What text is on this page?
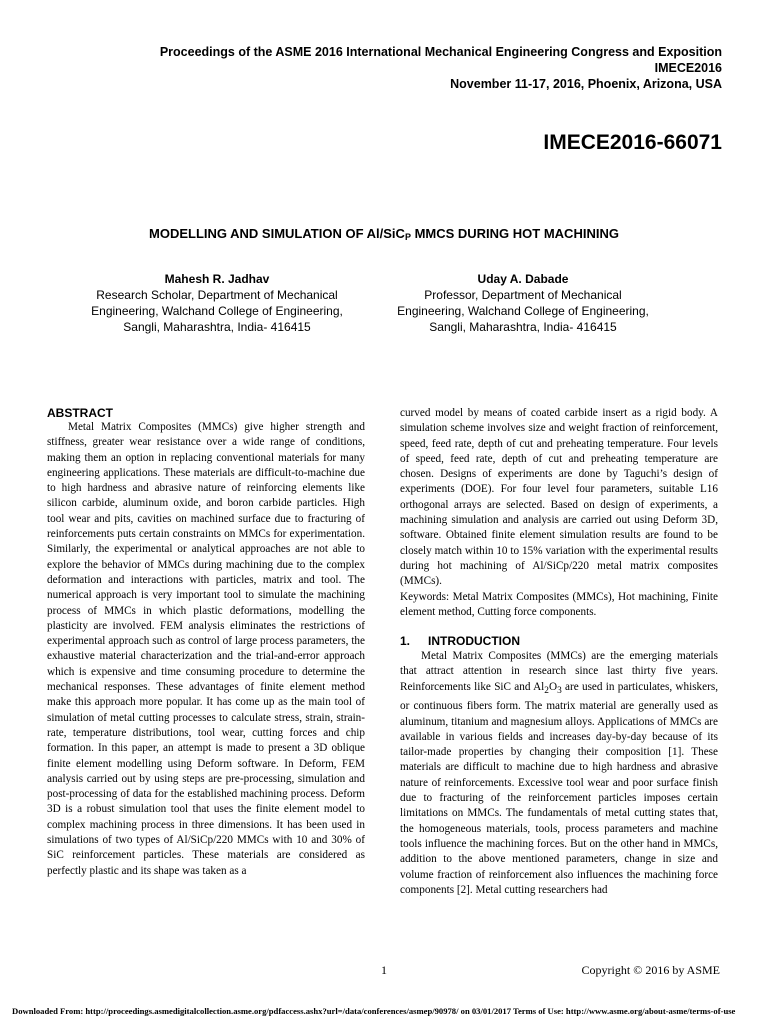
Proceedings of the ASME 2016 International Mechanical Engineering Congress and Exposition
IMECE2016
November 11-17, 2016, Phoenix, Arizona, USA
IMECE2016-66071
MODELLING AND SIMULATION OF Al/SiC$_P$ MMCS DURING HOT MACHINING
Mahesh R. Jadhav
Research Scholar, Department of Mechanical
Engineering, Walchand College of Engineering,
Sangli, Maharashtra, India- 416415
Uday A. Dabade
Professor, Department of Mechanical
Engineering, Walchand College of Engineering,
Sangli, Maharashtra, India- 416415
ABSTRACT

Metal Matrix Composites (MMCs) give higher strength and stiffness, greater wear resistance over a wide range of conditions, making them an option in replacing conventional materials for many engineering applications. These materials are difficult-to-machine due to high hardness and abrasive nature of reinforcing elements like silicon carbide, aluminum oxide, and boron carbide particles. High tool wear and pits, cavities on machined surface due to fracturing of reinforcements puts certain constraints on MMCs for experimentation. Similarly, the experimental or analytical approaches are not able to explore the behavior of MMCs during machining due to the complex deformation and interactions with particles, matrix and tool. The numerical approach is very important tool to simulate the machining process of MMCs in which plastic deformations, modelling the plasticity are involved. FEM analysis eliminates the restrictions of experimental approach such as control of large process parameters, the exhaustive material characterization and the trial-and-error approach which is expensive and time consuming procedure to determine the mechanical responses. These advantages of finite element method make this approach more popular. It has come up as the main tool of simulation of metal cutting processes to calculate stress, strain, strain-rate, temperature distributions, tool wear, cutting forces and chip formation. In this paper, an attempt is made to present a 3D oblique finite element modelling using Deform software. In Deform, FEM analysis carried out by using steps are pre-processing, simulation and post-processing of data for the established machining process. Deform 3D is a robust simulation tool that uses the finite element model to complex machining process in three dimensions. It has been used in simulations of two types of Al/SiCp/220 MMCs with 10 and 30% of SiC reinforcement particles. These materials are considered as perfectly plastic and its shape was taken as a

curved model by means of coated carbide insert as a rigid body. A simulation scheme involves size and weight fraction of reinforcement, speed, feed rate, depth of cut and preheating temperature. Four levels of speed, feed rate, depth of cut and preheating temperature are chosen. Designs of experiments are done by Taguchi’s design of experiments (DOE). For four level four parameters, suitable L16 orthogonal arrays are selected. Based on design of experiments, a machining simulation and analysis are carried out using Deform 3D, software. Obtained finite element simulation results are found to be closely match within 10 to 15% variation with the experimental results during hot machining of Al/SiCp/220 metal matrix composites (MMCs).

Keywords: Metal Matrix Composites (MMCs), Hot machining, Finite element method, Cutting force components.

1. INTRODUCTION

Metal Matrix Composites (MMCs) are the emerging materials that attract attention in research since last thirty five years. Reinforcements like SiC and $Al_2O_3$ are used in particulates, whiskers, or continuous fibers form. The matrix material are generally used as aluminum, titanium and magnesium alloys. Applications of MMCs are available in various fields and increases day-by-day because of its tailor-made properties by changing their composition [1]. These materials are difficult to machine due to high hardness and abrasive nature of reinforcements. Excessive tool wear and poor surface finish due to fracturing of the reinforcement particles imposes certain limitations on MMCs. The fundamentals of metal cutting states that, the homogeneous materials, tools, process parameters and machine tools influence the machining forces. But on the other hand in MMCs, addition to the above mentioned parameters, change in size and volume fraction of reinforcement also influences the machining force components [2]. Metal cutting researchers had

1	Copyright © 2016 by ASME
Downloaded From: http://proceedings.asmedigitalcollection.asme.org/pdfaccess.ashx?url=/data/conferences/asmep/90978/ on 03/01/2017 Terms of Use: http://www.asme.org/about-asme/terms-of-use
